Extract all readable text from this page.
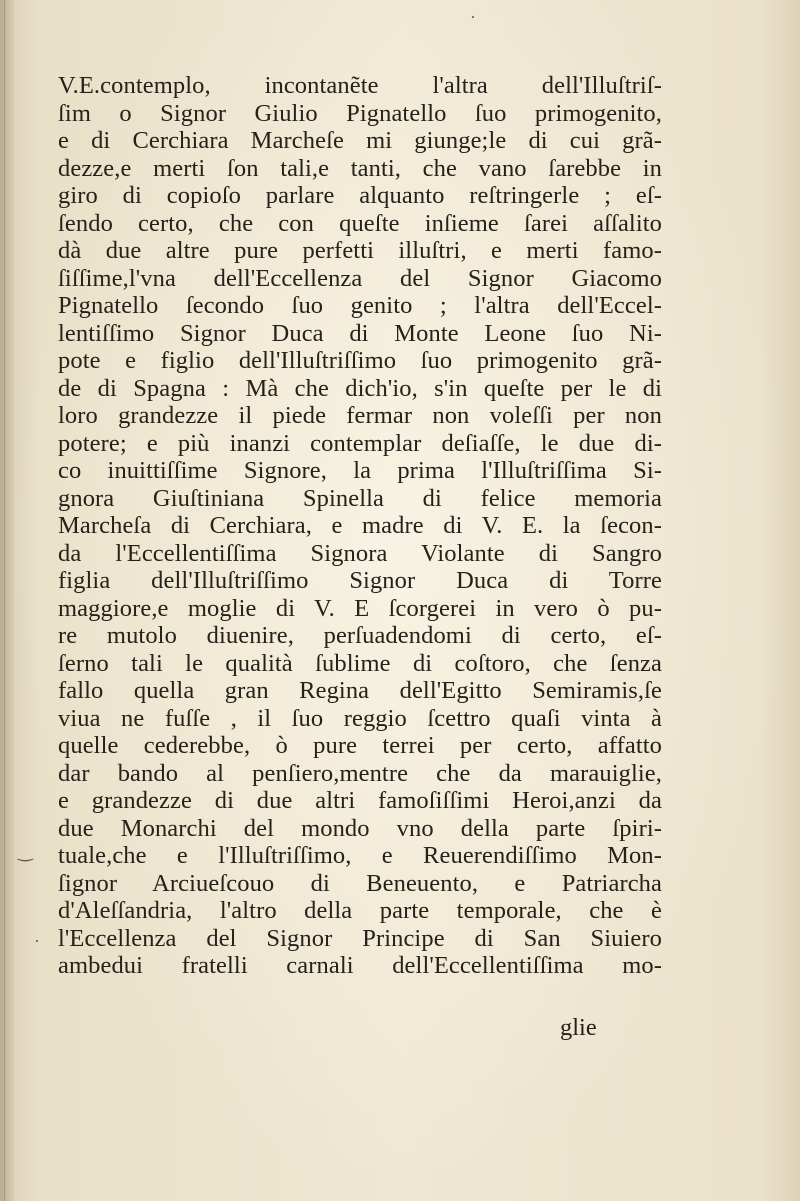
V.E.contemplo, incontanẽte l'altra dell'Illuſtriſ-
ſim o Signor Giulio Pignatello ſuo primogenito,
e di Cerchiara Marcheſe mi giunge;le di cui grã-
dezze,e merti ſon tali,e tanti, che vano ſarebbe in
giro di copioſo parlare alquanto reſtringerle ; eſ-
ſendo certo, che con queſte inſieme ſarei aſſalito
dà due altre pure perfetti illuſtri, e merti famo-
ſiſſime,l'vna dell'Eccellenza del Signor Giacomo
Pignatello ſecondo ſuo genito ; l'altra dell'Eccel-
lentiſſimo Signor Duca di Monte Leone ſuo Ni-
pote e figlio dell'Illuſtriſſimo ſuo primogenito grã-
de di Spagna : Mà che dich'io, s'in queſte per le di
loro grandezze il piede fermar non voleſſi per non
potere; e più inanzi contemplar deſiaſſe, le due di-
co inuittiſſime Signore, la prima l'Illuſtriſſima Si-
gnora Giuſtiniana Spinella di felice memoria
Marcheſa di Cerchiara, e madre di V. E. la ſecon-
da l'Eccellentiſſima Signora Violante di Sangro
figlia dell'Illuſtriſſimo Signor Duca di Torre
maggiore,e moglie di V. E ſcorgerei in vero ò pu-
re mutolo diuenire, perſuadendomi di certo, eſ-
ſerno tali le qualità ſublime di coſtoro, che ſenza
fallo quella gran Regina dell'Egitto Semiramis,ſe
viua ne fuſſe , il ſuo reggio ſcettro quaſi vinta à
quelle cederebbe, ò pure terrei per certo, affatto
dar bando al penſiero,mentre che da marauiglie,
e grandezze di due altri famoſiſſimi Heroi,anzi da
due Monarchi del mondo vno della parte ſpiri-
tuale,che e l'Illuſtriſſimo, e Reuerendiſſimo Mon-
ſignor Arciueſcouo di Beneuento, e Patriarcha
d'Aleſſandria, l'altro della parte temporale, che è
l'Eccellenza del Signor Principe di San Siuiero
ambedui fratelli carnali dell'Eccellentiſſima mo-
glie
·
‿
·
